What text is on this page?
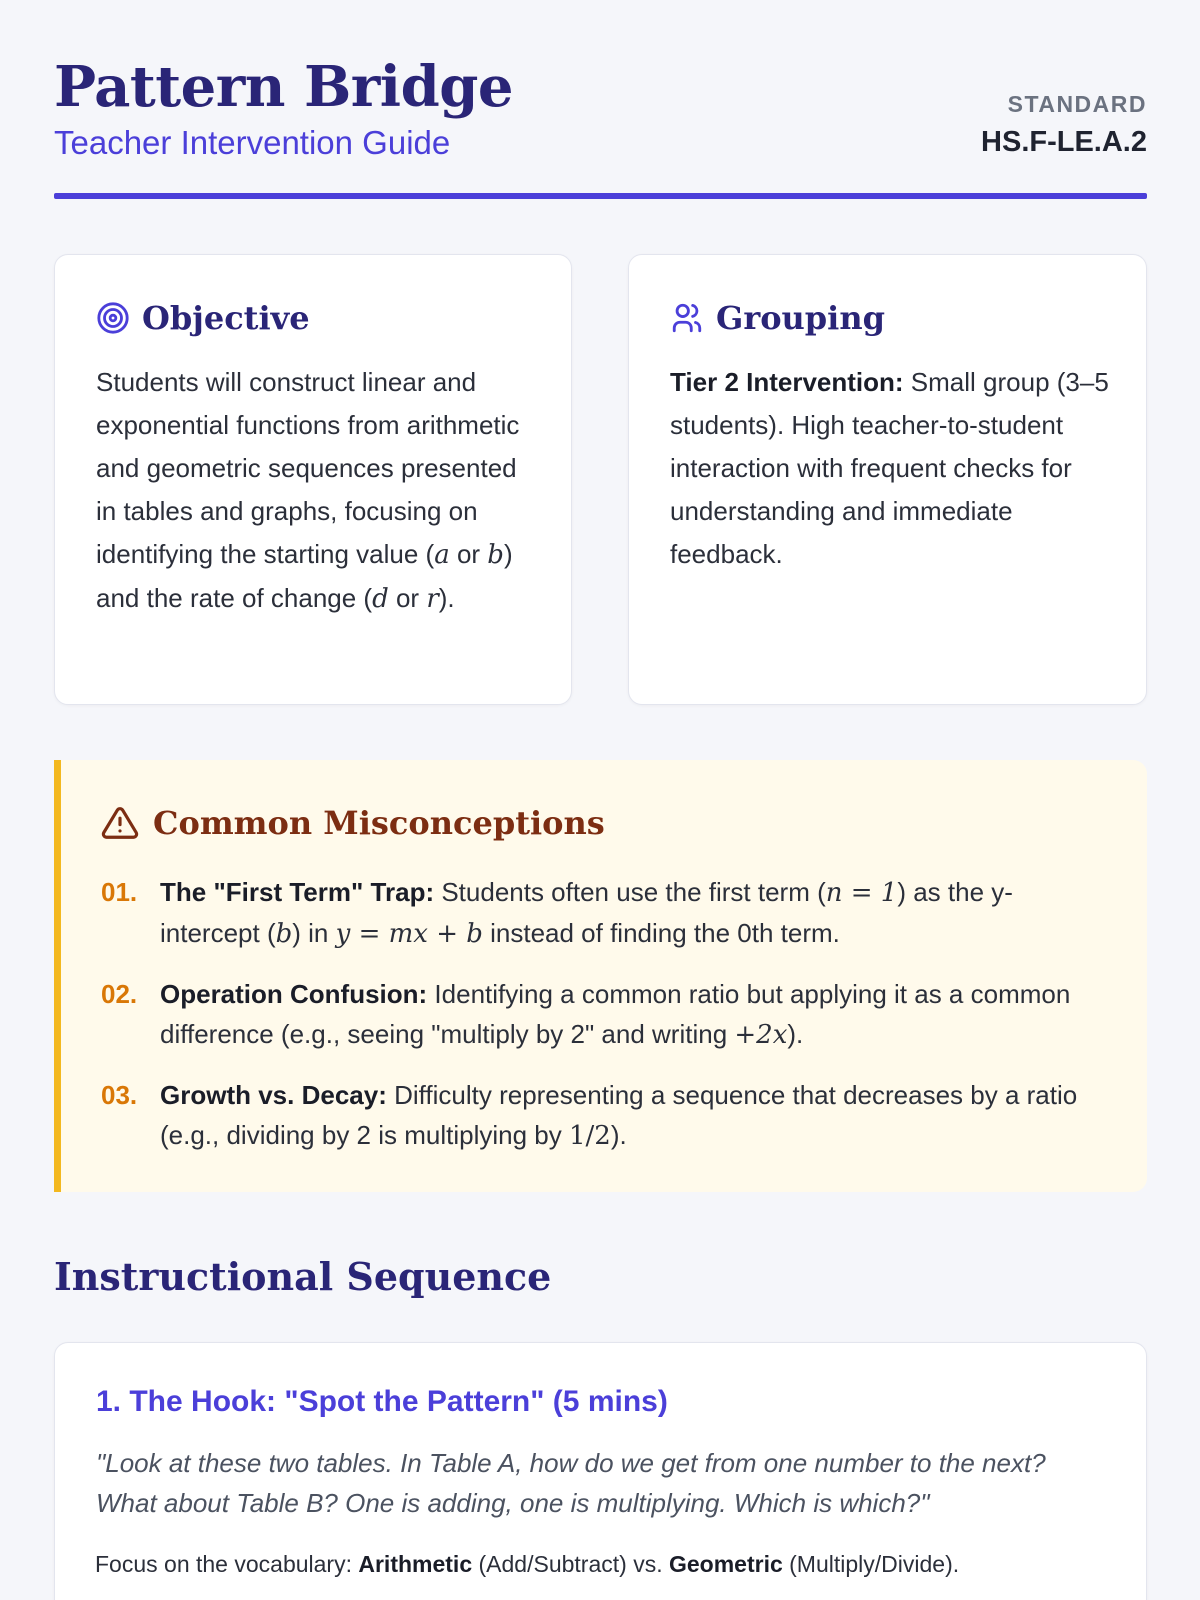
Pattern Bridge
Teacher Intervention Guide
STANDARD
HS.F-LE.A.2
Objective
Students will construct linear and exponential functions from arithmetic and geometric sequences presented in tables and graphs, focusing on identifying the starting value (a or b) and the rate of change (d or r).
Grouping
Tier 2 Intervention: Small group (3–5 students). High teacher-to-student interaction with frequent checks for understanding and immediate feedback.
Common Misconceptions
01. The "First Term" Trap: Students often use the first term (n = 1) as the y-intercept (b) in y = mx + b instead of finding the 0th term.
02. Operation Confusion: Identifying a common ratio but applying it as a common difference (e.g., seeing "multiply by 2" and writing +2x).
03. Growth vs. Decay: Difficulty representing a sequence that decreases by a ratio (e.g., dividing by 2 is multiplying by 1/2).
Instructional Sequence
1. The Hook: "Spot the Pattern" (5 mins)
"Look at these two tables. In Table A, how do we get from one number to the next? What about Table B? One is adding, one is multiplying. Which is which?"
Focus on the vocabulary: Arithmetic (Add/Subtract) vs. Geometric (Multiply/Divide).
